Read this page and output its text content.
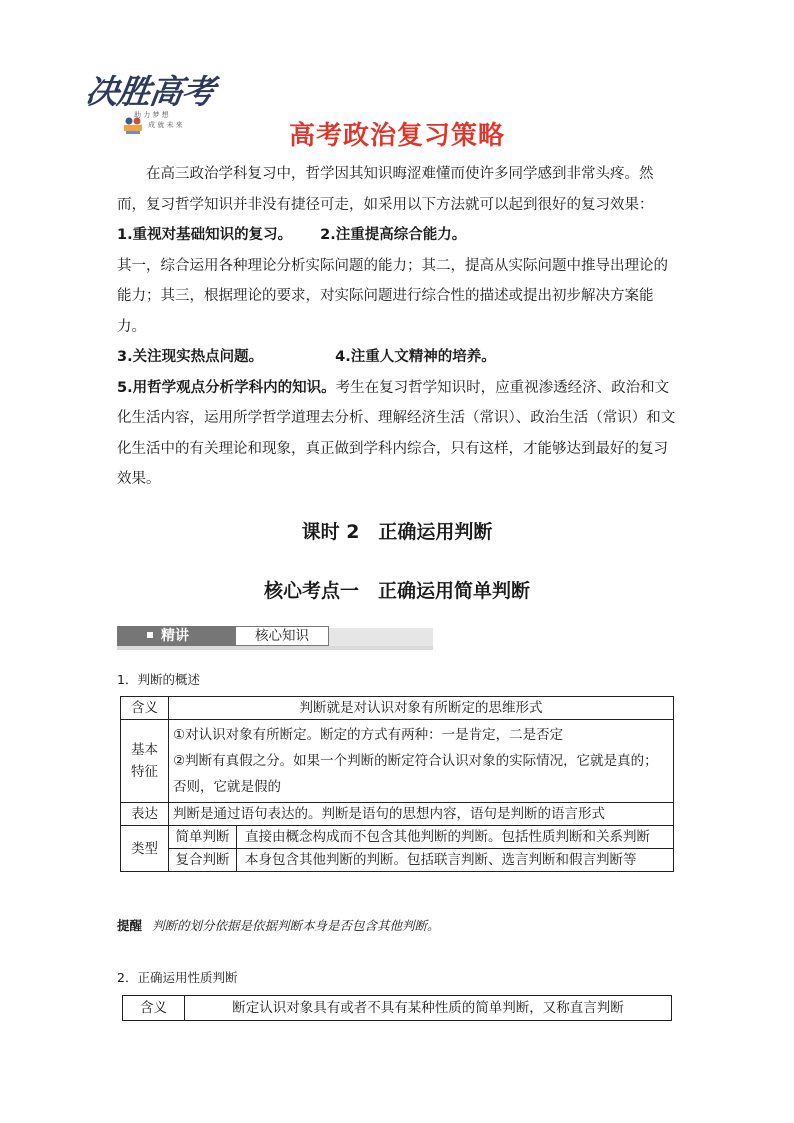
决胜高考
助 力 梦 想
成 就 未 来	高考政治复习策略

在高三政治学科复习中，哲学因其知识晦涩难懂而使许多同学感到非常头疼。然而，复习哲学知识并非没有捷径可走，如采用以下方法就可以起到很好的复习效果：

1.重视对基础知识的复习。 2.注重提高综合能力。

其一，综合运用各种理论分析实际问题的能力；其二，提高从实际问题中推导出理论的能力；其三，根据理论的要求，对实际问题进行综合性的描述或提出初步解决方案能力。

3.关注现实热点问题。	4.注重人文精神的培养。

5.用哲学观点分析学科内的知识。考生在复习哲学知识时，应重视渗透经济、政治和文化生活内容，运用所学哲学道理去分析、理解经济生活（常识）、政治生活（常识）和文化生活中的有关理论和现象，真正做到学科内综合，只有这样，才能够达到最好的复习效果。

课时 2　正确运用判断
核心考点一　正确运用简单判断
精讲	核心知识
1．判断的概述
含义	判断就是对认识对象有所断定的思维形式	
基本特征	①对认识对象有所断定。断定的方式有两种：一是肯定，二是否定
②判断有真假之分。如果一个判断的断定符合认识对象的实际情况，它就是真的；否则，它就是假的	

表达	判断是通过语句表达的。判断是语句的思想内容，语句是判断的语言形式	
类型	简单判断	直接由概念构成而不包含其他判断的判断。包括性质判断和关系判断
	复合判断	本身包含其他判断的判断。包括联言判断、选言判断和假言判断等
提醒 判断的划分依据是依据判断本身是否包含其他判断。
2．正确运用性质判断
含义	断定认识对象具有或者不具有某种性质的简单判断，又称直言判断
